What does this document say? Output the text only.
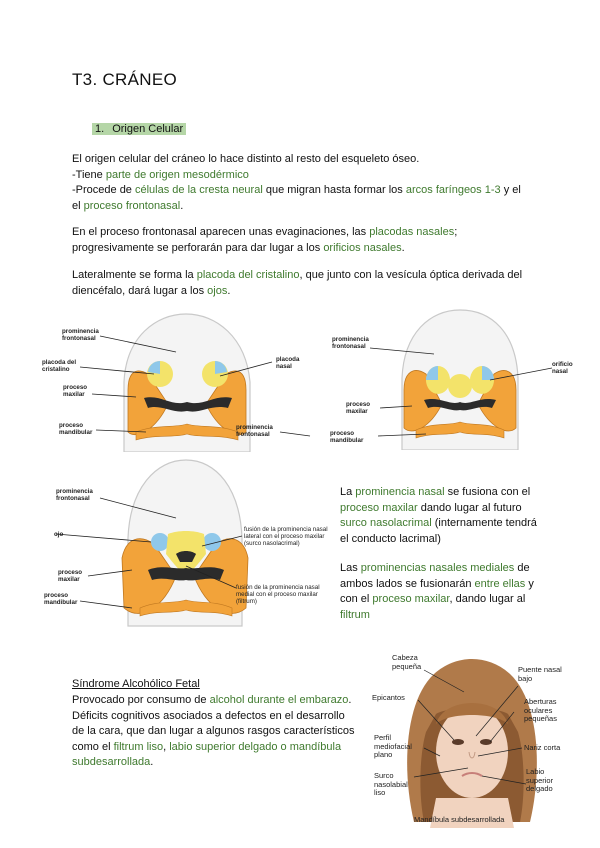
T3. CRÁNEO
1. Origen Celular
El origen celular del cráneo lo hace distinto al resto del esqueleto óseo.
-Tiene parte de origen mesodérmico
-Procede de células de la cresta neural que migran hasta formar los arcos faríngeos 1-3 y el
el proceso frontonasal.
En el proceso frontonasal aparecen unas evaginaciones, las placodas nasales;
progresivamente se perforarán para dar lugar a los orificios nasales.
Lateralmente se forma la placoda del cristalino, que junto con la vesícula óptica derivada del
diencéfalo, dará lugar a los ojos.
prominencia frontonasal
placoda del cristalino
proceso maxilar
proceso mandibular
placoda nasal
prominencia frontonasal
prominencia frontonasal
orificio nasal
proceso maxilar
proceso mandibular
prominencia frontonasal
ojo
proceso maxilar
proceso mandibular
fusión de la prominencia nasal lateral con el proceso maxilar (surco nasolacrimal)
fusión de la prominencia nasal medial con el proceso maxilar (filtrum)
La prominencia nasal se fusiona con el proceso maxilar dando lugar al futuro surco nasolacrimal (internamente tendrá el conducto lacrimal)
Las prominencias nasales mediales de ambos lados se fusionarán entre ellas y con el proceso maxilar, dando lugar al filtrum
Síndrome Alcohólico Fetal
Provocado por consumo de alcohol durante el embarazo.
Déficits cognitivos asociados a defectos en el desarrollo de la cara, que dan lugar a algunos rasgos característicos como el filtrum liso, labio superior delgado o mandíbula subdesarrollada.
Cabeza pequeña	Puente nasal bajo
Epicantos	Aberturas oculares pequeñas
Perfil mediofacial plano
Nariz corta
Surco nasolabial liso
Labio superior delgado
Mandíbula subdesarrollada
